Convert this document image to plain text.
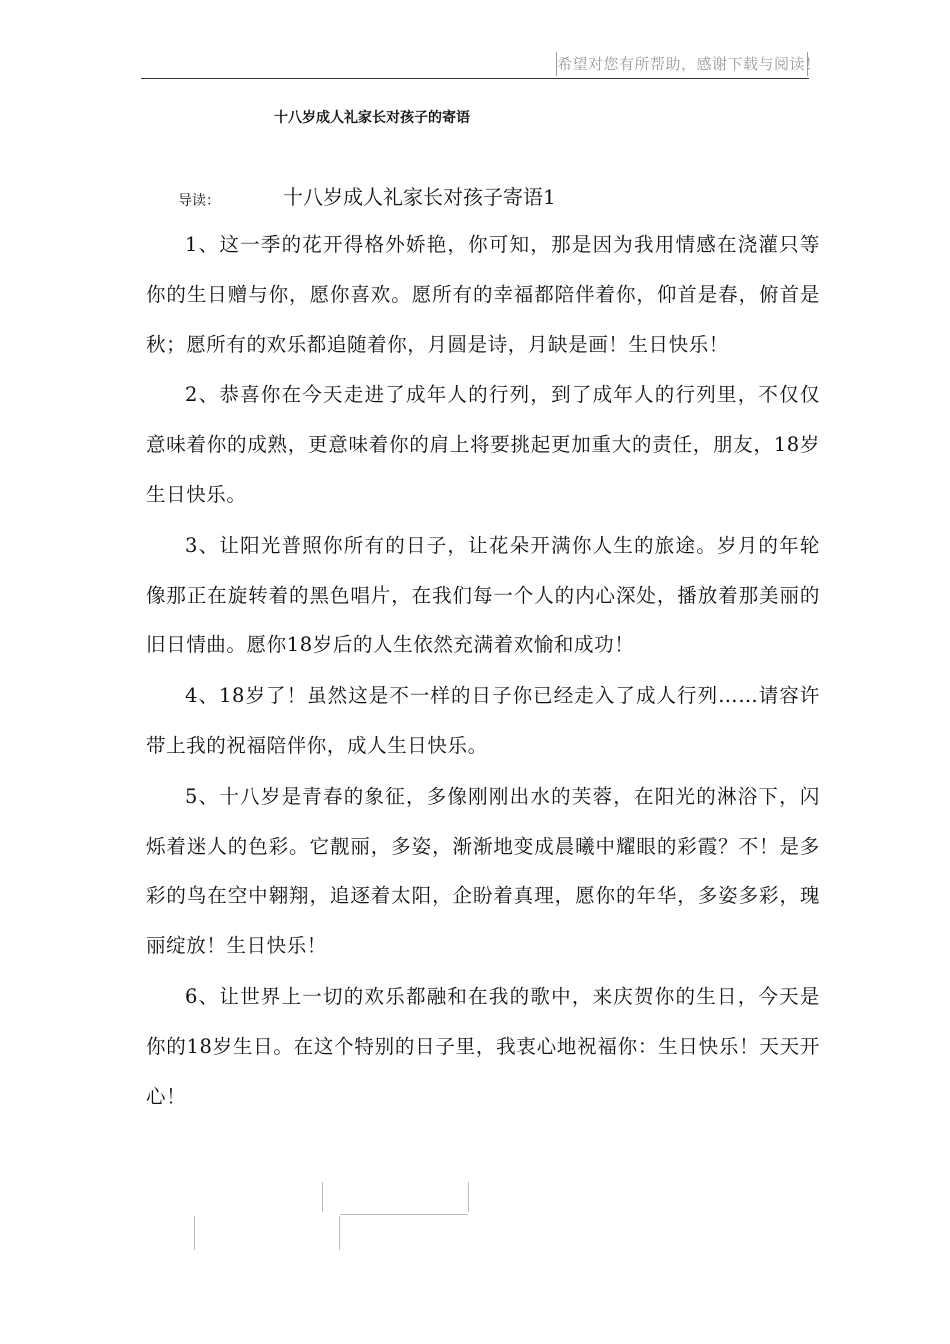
希望对您有所帮助，感谢下载与阅读！
十八岁成人礼家长对孩子的寄语
导读：	十八岁成人礼家长对孩子寄语1

1、这一季的花开得格外娇艳，你可知，那是因为我用情感在浇灌只等你的生日赠与你，愿你喜欢。愿所有的幸福都陪伴着你，仰首是春，俯首是秋；愿所有的欢乐都追随着你，月圆是诗，月缺是画！生日快乐！

2、恭喜你在今天走进了成年人的行列，到了成年人的行列里，不仅仅意味着你的成熟，更意味着你的肩上将要挑起更加重大的责任，朋友，18岁生日快乐。

3、让阳光普照你所有的日子，让花朵开满你人生的旅途。岁月的年轮像那正在旋转着的黑色唱片，在我们每一个人的内心深处，播放着那美丽的旧日情曲。愿你18岁后的人生依然充满着欢愉和成功！

4、18岁了！虽然这是不一样的日子你已经走入了成人行列……请容许带上我的祝福陪伴你，成人生日快乐。

5、十八岁是青春的象征，多像刚刚出水的芙蓉，在阳光的淋浴下，闪烁着迷人的色彩。它靓丽，多姿，渐渐地变成晨曦中耀眼的彩霞？不！是多彩的鸟在空中翱翔，追逐着太阳，企盼着真理，愿你的年华，多姿多彩，瑰丽绽放！生日快乐！

6、让世界上一切的欢乐都融和在我的歌中，来庆贺你的生日，今天是你的18岁生日。在这个特别的日子里，我衷心地祝福你：生日快乐！天天开心！
